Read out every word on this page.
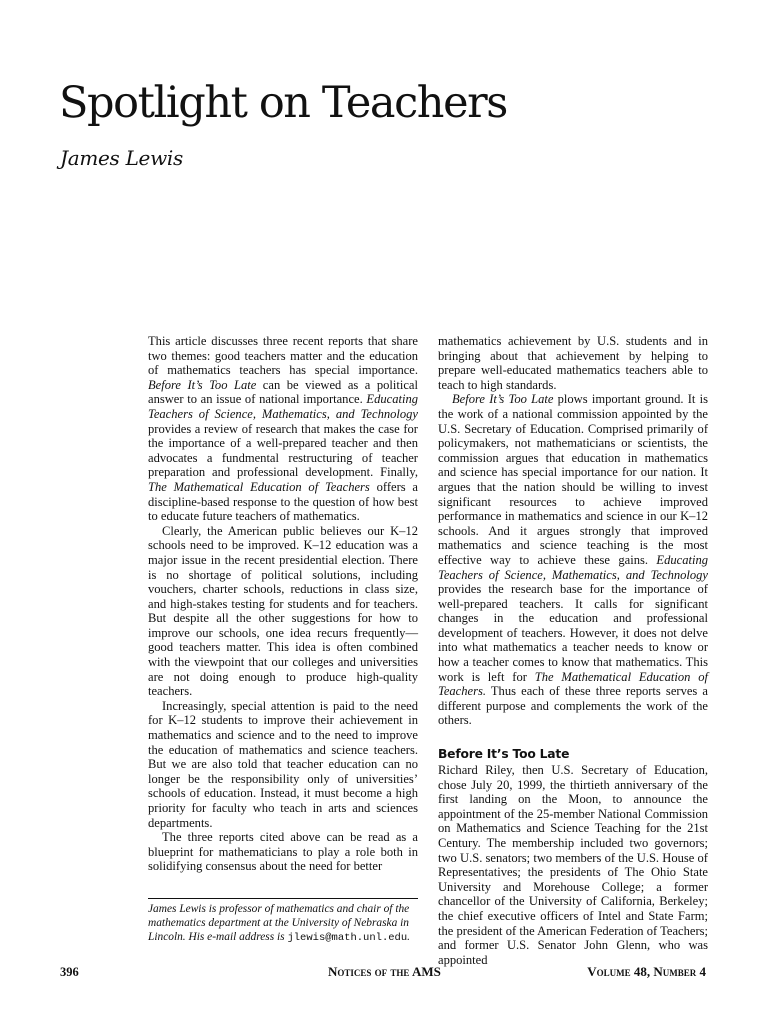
Spotlight on Teachers
James Lewis

This article discusses three recent reports that share two themes: good teachers matter and the education of mathematics teachers has special importance. Before It’s Too Late can be viewed as a political answer to an issue of national importance. Educating Teachers of Science, Mathematics, and Technology provides a review of research that makes the case for the importance of a well-prepared teacher and then advocates a fundmental restructuring of teacher preparation and professional development. Finally, The Mathematical Education of Teachers offers a discipline-based response to the question of how best to educate future teachers of mathematics.

Clearly, the American public believes our K–12 schools need to be improved. K–12 education was a major issue in the recent presidential election. There is no shortage of political solutions, including vouchers, charter schools, reductions in class size, and high-stakes testing for students and for teachers. But despite all the other suggestions for how to improve our schools, one idea recurs frequently—good teachers matter. This idea is often combined with the viewpoint that our colleges and universities are not doing enough to produce high-quality teachers.

Increasingly, special attention is paid to the need for K–12 students to improve their achievement in mathematics and science and to the need to improve the education of mathematics and science teachers. But we are also told that teacher education can no longer be the responsibility only of universities’ schools of education. Instead, it must become a high priority for faculty who teach in arts and sciences departments.

The three reports cited above can be read as a blueprint for mathematicians to play a role both in solidifying consensus about the need for better

mathematics achievement by U.S. students and in bringing about that achievement by helping to prepare well-educated mathematics teachers able to teach to high standards.

Before It’s Too Late plows important ground. It is the work of a national commission appointed by the U.S. Secretary of Education. Comprised primarily of policymakers, not mathematicians or scientists, the commission argues that education in mathematics and science has special importance for our nation. It argues that the nation should be willing to invest significant resources to achieve improved performance in mathematics and science in our K–12 schools. And it argues strongly that improved mathematics and science teaching is the most effective way to achieve these gains. Educating Teachers of Science, Mathematics, and Technology provides the research base for the importance of well-prepared teachers. It calls for significant changes in the education and professional development of teachers. However, it does not delve into what mathematics a teacher needs to know or how a teacher comes to know that mathematics. This work is left for The Mathematical Education of Teachers. Thus each of these three reports serves a different purpose and complements the work of the others.

Before It’s Too Late

Richard Riley, then U.S. Secretary of Education, chose July 20, 1999, the thirtieth anniversary of the first landing on the Moon, to announce the appointment of the 25-member National Commission on Mathematics and Science Teaching for the 21st Century. The membership included two governors; two U.S. senators; two members of the U.S. House of Representatives; the presidents of The Ohio State University and Morehouse College; a former chancellor of the University of California, Berkeley; the chief executive officers of Intel and State Farm; the president of the American Federation of Teachers; and former U.S. Senator John Glenn, who was appointed

James Lewis is professor of mathematics and chair of the mathematics department at the University of Nebraska in Lincoln. His e-mail address is jlewis@math.unl.edu.
396	Notices of the AMS	Volume 48, Number 4
